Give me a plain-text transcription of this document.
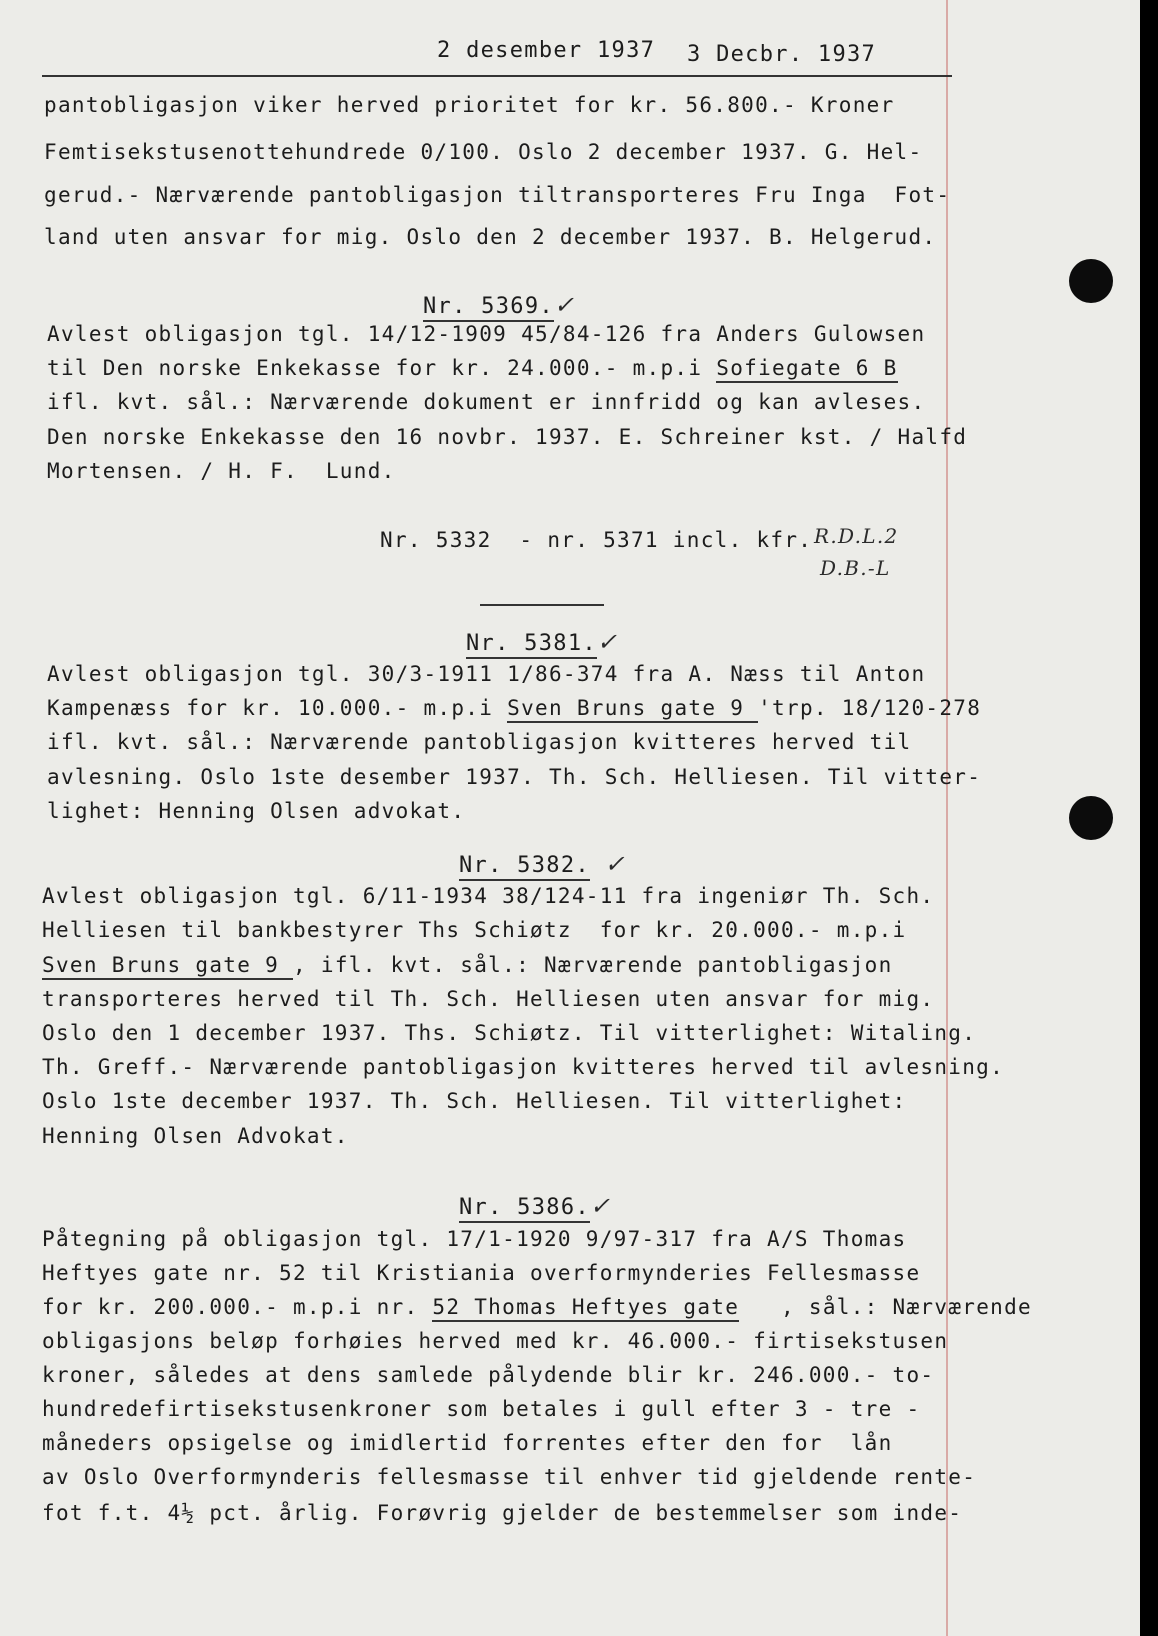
2 desember 1937 3 Decbr. 1937
pantobligasjon viker herved prioritet for kr. 56.800.- Kroner
Femtisekstusenottehundrede 0/100. Oslo 2 december 1937. G. Hel-
gerud.- Nærværende pantobligasjon tiltransporteres Fru Inga  Fot-
land uten ansvar for mig. Oslo den 2 december 1937. B. Helgerud.
Nr. 5369.✓
Avlest obligasjon tgl. 14/12-1909 45/84-126 fra Anders Gulowsen
til Den norske Enkekasse for kr. 24.000.- m.p.i Sofiegate 6 B
ifl. kvt. sål.: Nærværende dokument er innfridd og kan avleses.
Den norske Enkekasse den 16 novbr. 1937. E. Schreiner kst. / Halfd
Mortensen. / H. F.  Lund.
Nr. 5332  - nr. 5371 incl. kfr. R.D.L.2
D.B.-L
Nr. 5381.✓
Avlest obligasjon tgl. 30/3-1911 1/86-374 fra A. Næss til Anton
Kampenæss for kr. 10.000.- m.p.i Sven Bruns gate 9 'trp. 18/120-278
ifl. kvt. sål.: Nærværende pantobligasjon kvitteres herved til
avlesning. Oslo 1ste desember 1937. Th. Sch. Helliesen. Til vitter-
lighet: Henning Olsen advokat.
Nr. 5382. ✓
Avlest obligasjon tgl. 6/11-1934 38/124-11 fra ingeniør Th. Sch.
Helliesen til bankbestyrer Ths Schiøtz  for kr. 20.000.- m.p.i
Sven Bruns gate 9 , ifl. kvt. sål.: Nærværende pantobligasjon
transporteres herved til Th. Sch. Helliesen uten ansvar for mig.
Oslo den 1 december 1937. Ths. Schiøtz. Til vitterlighet: Witaling.
Th. Greff.- Nærværende pantobligasjon kvitteres herved til avlesning.
Oslo 1ste december 1937. Th. Sch. Helliesen. Til vitterlighet:
Henning Olsen Advokat.
Nr. 5386.✓
Påtegning på obligasjon tgl. 17/1-1920 9/97-317 fra A/S Thomas
Heftyes gate nr. 52 til Kristiania overformynderies Fellesmasse
for kr. 200.000.- m.p.i nr. 52 Thomas Heftyes gate   , sål.: Nærværende
obligasjons beløp forhøies herved med kr. 46.000.- firtisekstusen
kroner, således at dens samlede pålydende blir kr. 246.000.- to-
hundredefirtisekstusenkroner som betales i gull efter 3 - tre -
måneders opsigelse og imidlertid forrentes efter den for  lån
av Oslo Overformynderis fellesmasse til enhver tid gjeldende rente-
fot f.t. 4½ pct. årlig. Forøvrig gjelder de bestemmelser som inde-
